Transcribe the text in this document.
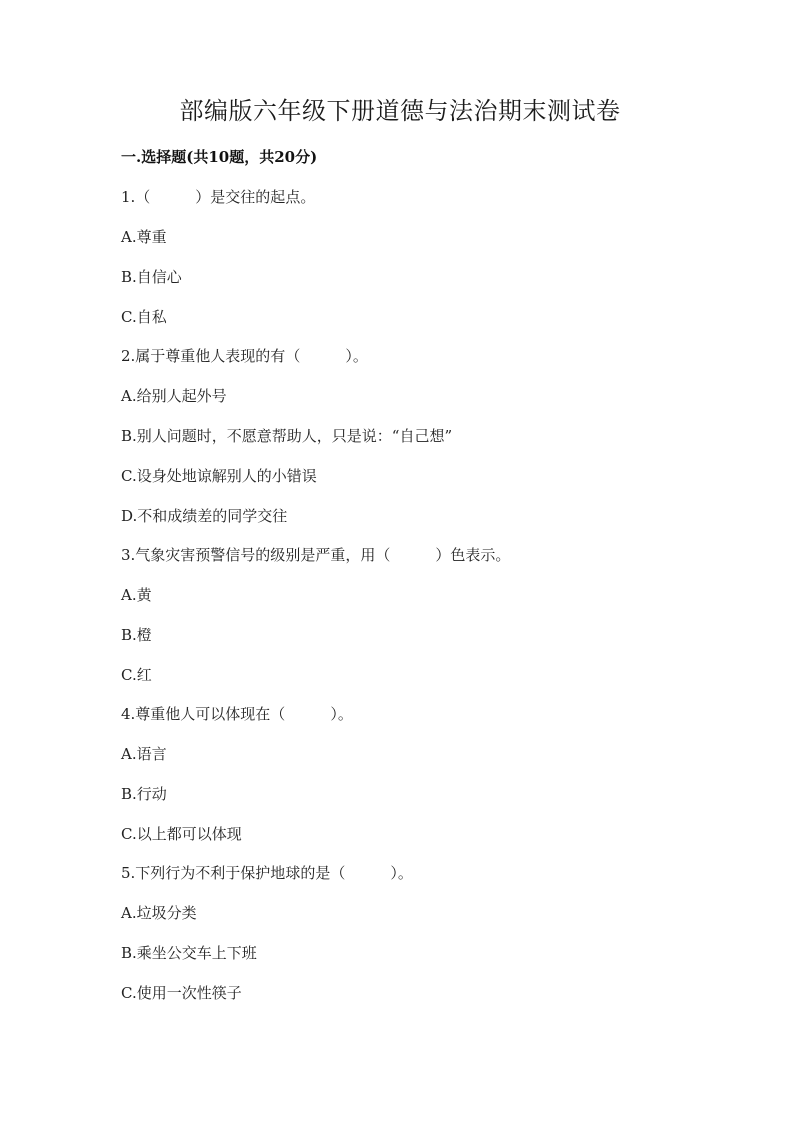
部编版六年级下册道德与法治期末测试卷
一.选择题(共10题，共20分)
1.（　　　）是交往的起点。
A.尊重
B.自信心
C.自私
2.属于尊重他人表现的有（　　　）。
A.给别人起外号
B.别人问题时，不愿意帮助人，只是说：“自己想”
C.设身处地谅解别人的小错误
D.不和成绩差的同学交往
3.气象灾害预警信号的级别是严重，用（　　　）色表示。
A.黄
B.橙
C.红
4.尊重他人可以体现在（　　　）。
A.语言
B.行动
C.以上都可以体现
5.下列行为不利于保护地球的是（　　　）。
A.垃圾分类
B.乘坐公交车上下班
C.使用一次性筷子
